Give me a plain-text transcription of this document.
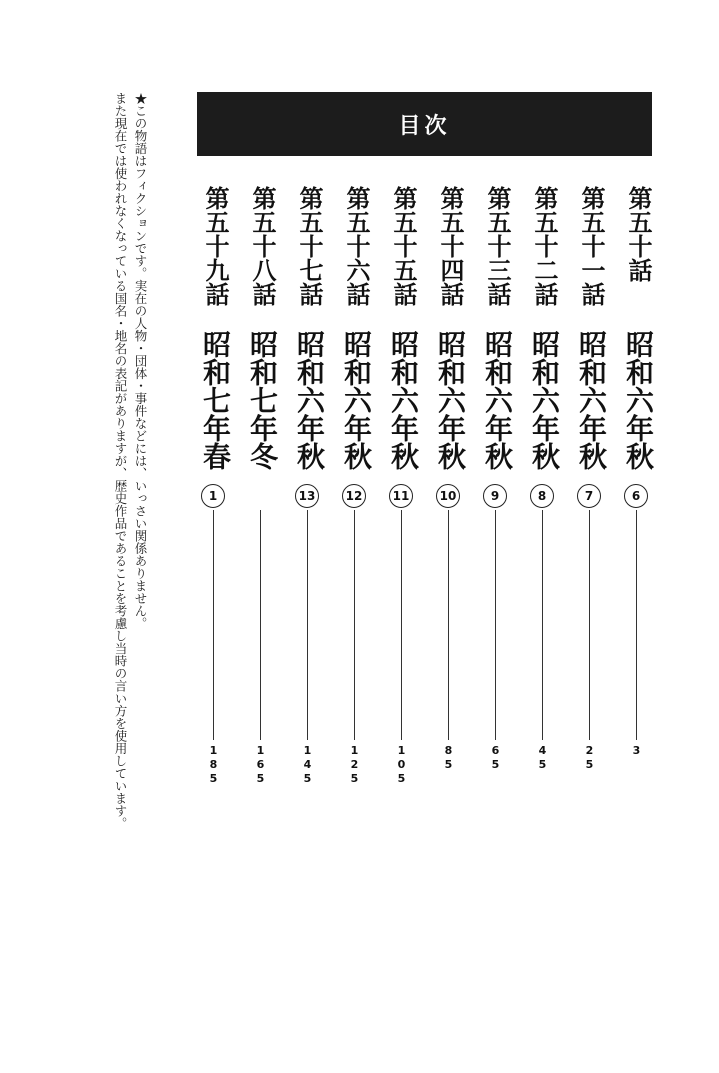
目次
第五十話
昭和六年
秋
6
3
第五十一話
昭和六年
秋
7
25
第五十二話
昭和六年
秋
8
45
第五十三話
昭和六年
秋
9
65
第五十四話
昭和六年
秋
10
85
第五十五話
昭和六年
秋
11
105
第五十六話
昭和六年
秋
12
125
第五十七話
昭和六年
秋
13
145
第五十八話
昭和七年
冬
165
第五十九話
昭和七年
春
1
185
★この物語はフィクションです。実在の人物・団体・事件などには、いっさい関係ありません。
また現在では使われなくなっている国名・地名の表記がありますが、歴史作品であることを考慮し当時の言い方を使用しています。
